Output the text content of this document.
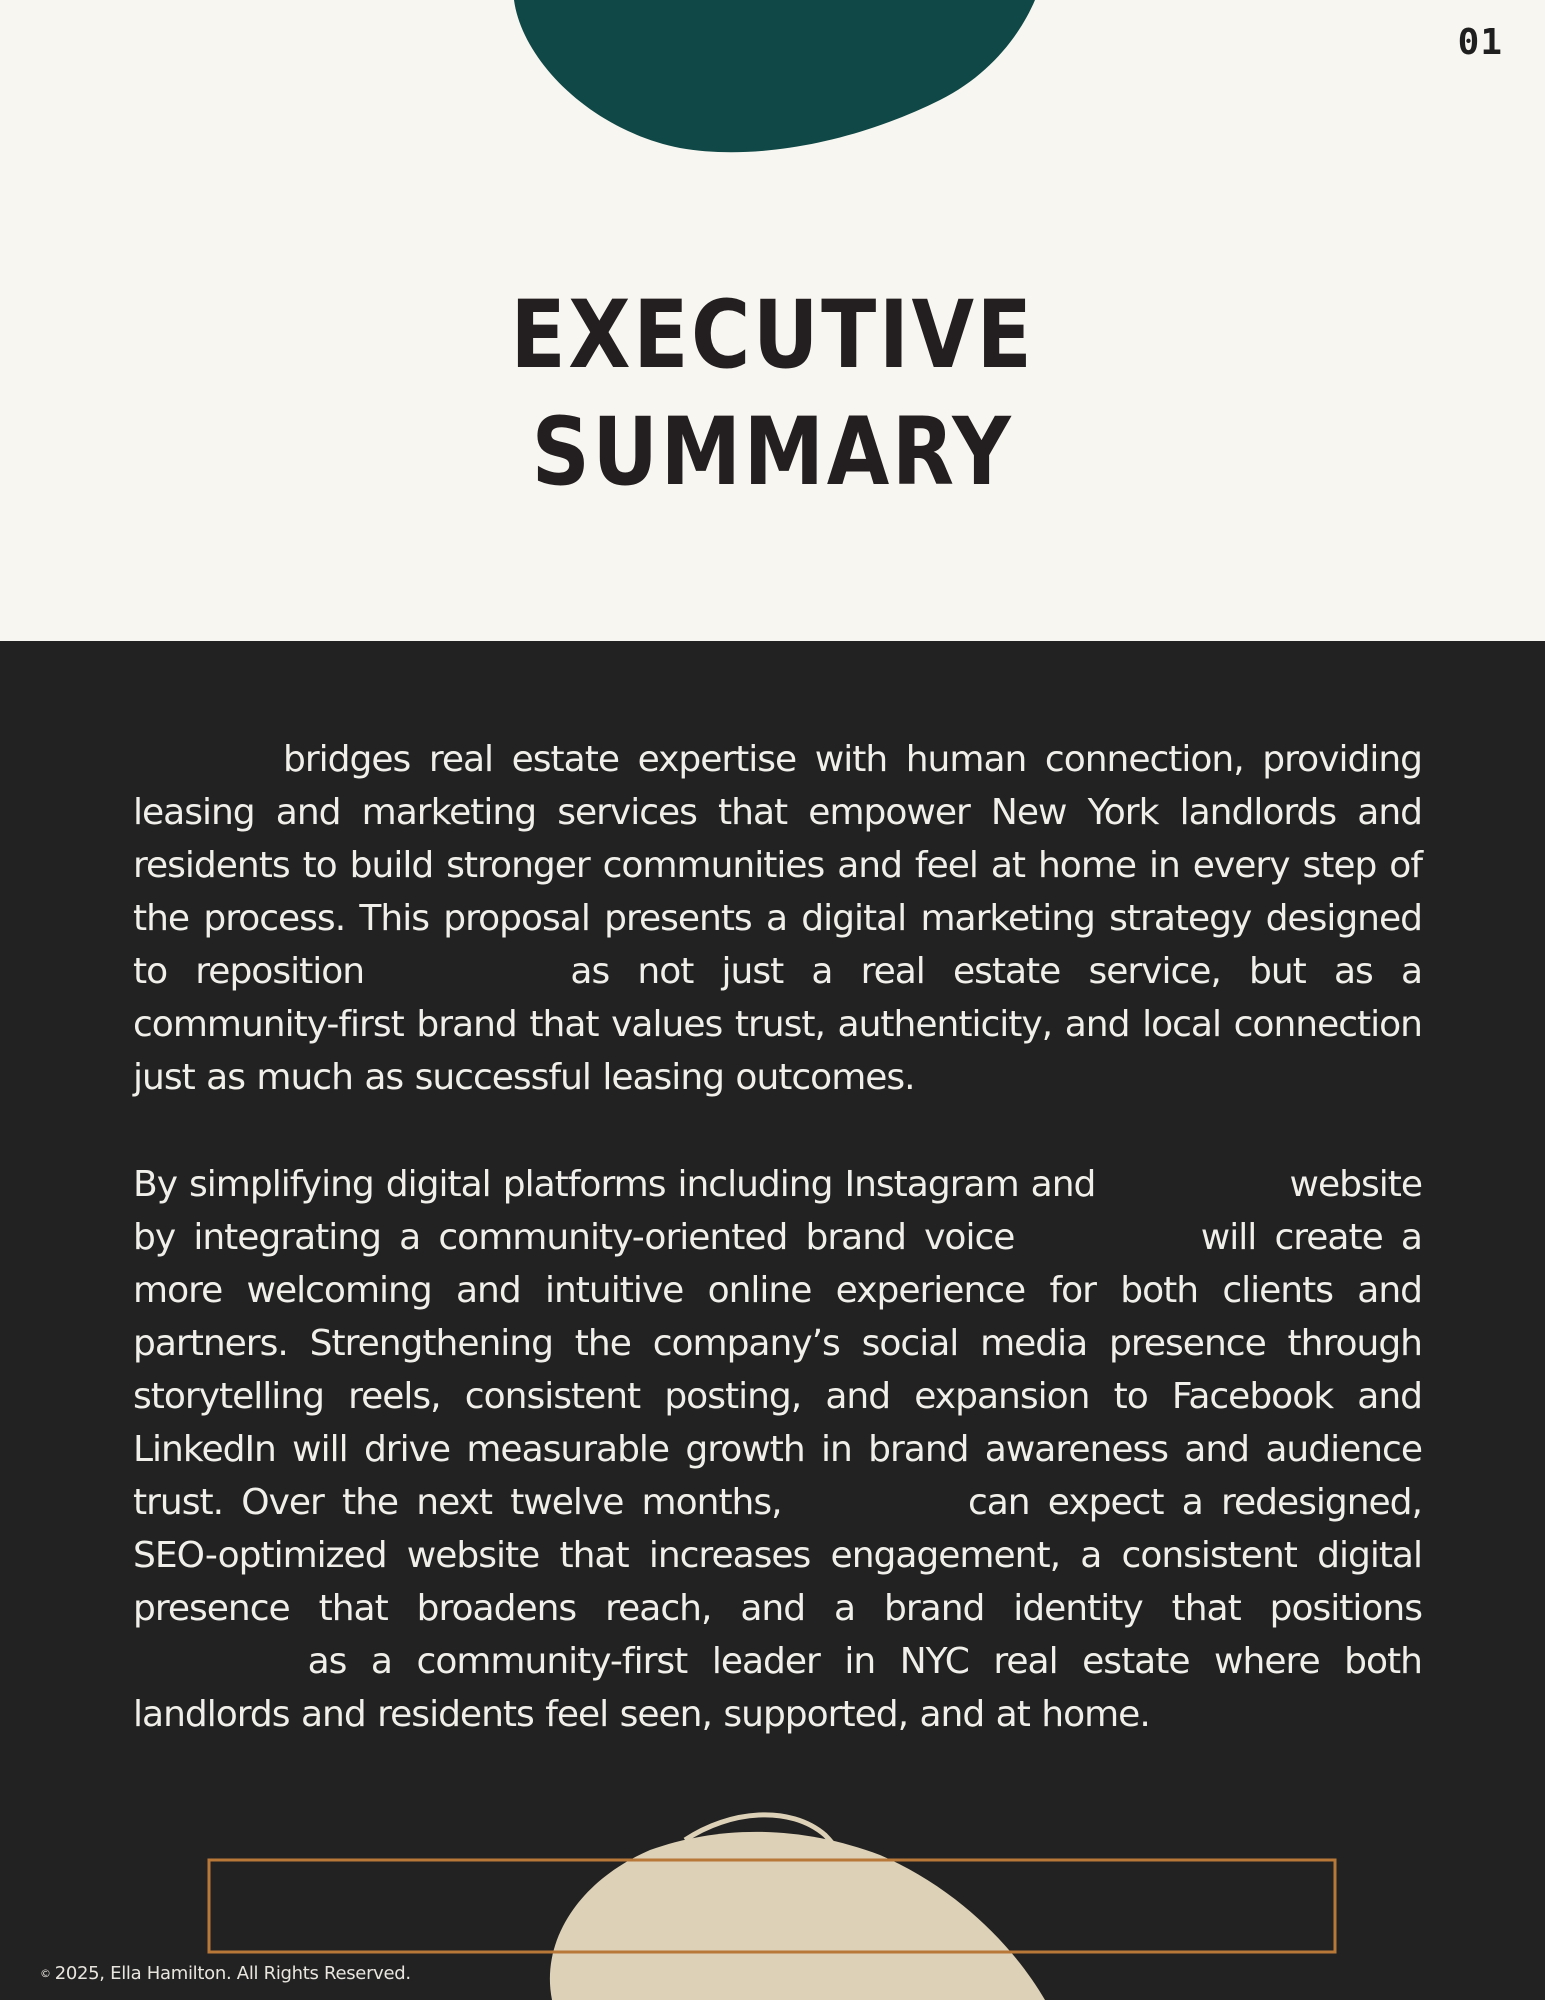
01
EXECUTIVE
SUMMARY

bridges real estate expertise with human connection, providing leasing and marketing services that empower New York landlords and residents to build stronger communities and feel at home in every step of the process. This proposal presents a digital marketing strategy designed to reposition	as not just a real estate service, but as a community-first brand that values trust, authenticity, and local connection just as much as successful leasing outcomes.

By simplifying digital platforms including Instagram and	website by integrating a community-oriented brand voice	will create a more welcoming and intuitive online experience for both clients and partners. Strengthening the company’s social media presence through storytelling reels, consistent posting, and expansion to Facebook and LinkedIn will drive measurable growth in brand awareness and audience trust. Over the next twelve months,	can expect a redesigned, SEO-optimized website that increases engagement, a consistent digital presence that broadens reach, and a brand identity that positions  as a community-first leader in NYC real estate where both landlords and residents feel seen, supported, and at home.

© 2025, Ella Hamilton. All Rights Reserved.
